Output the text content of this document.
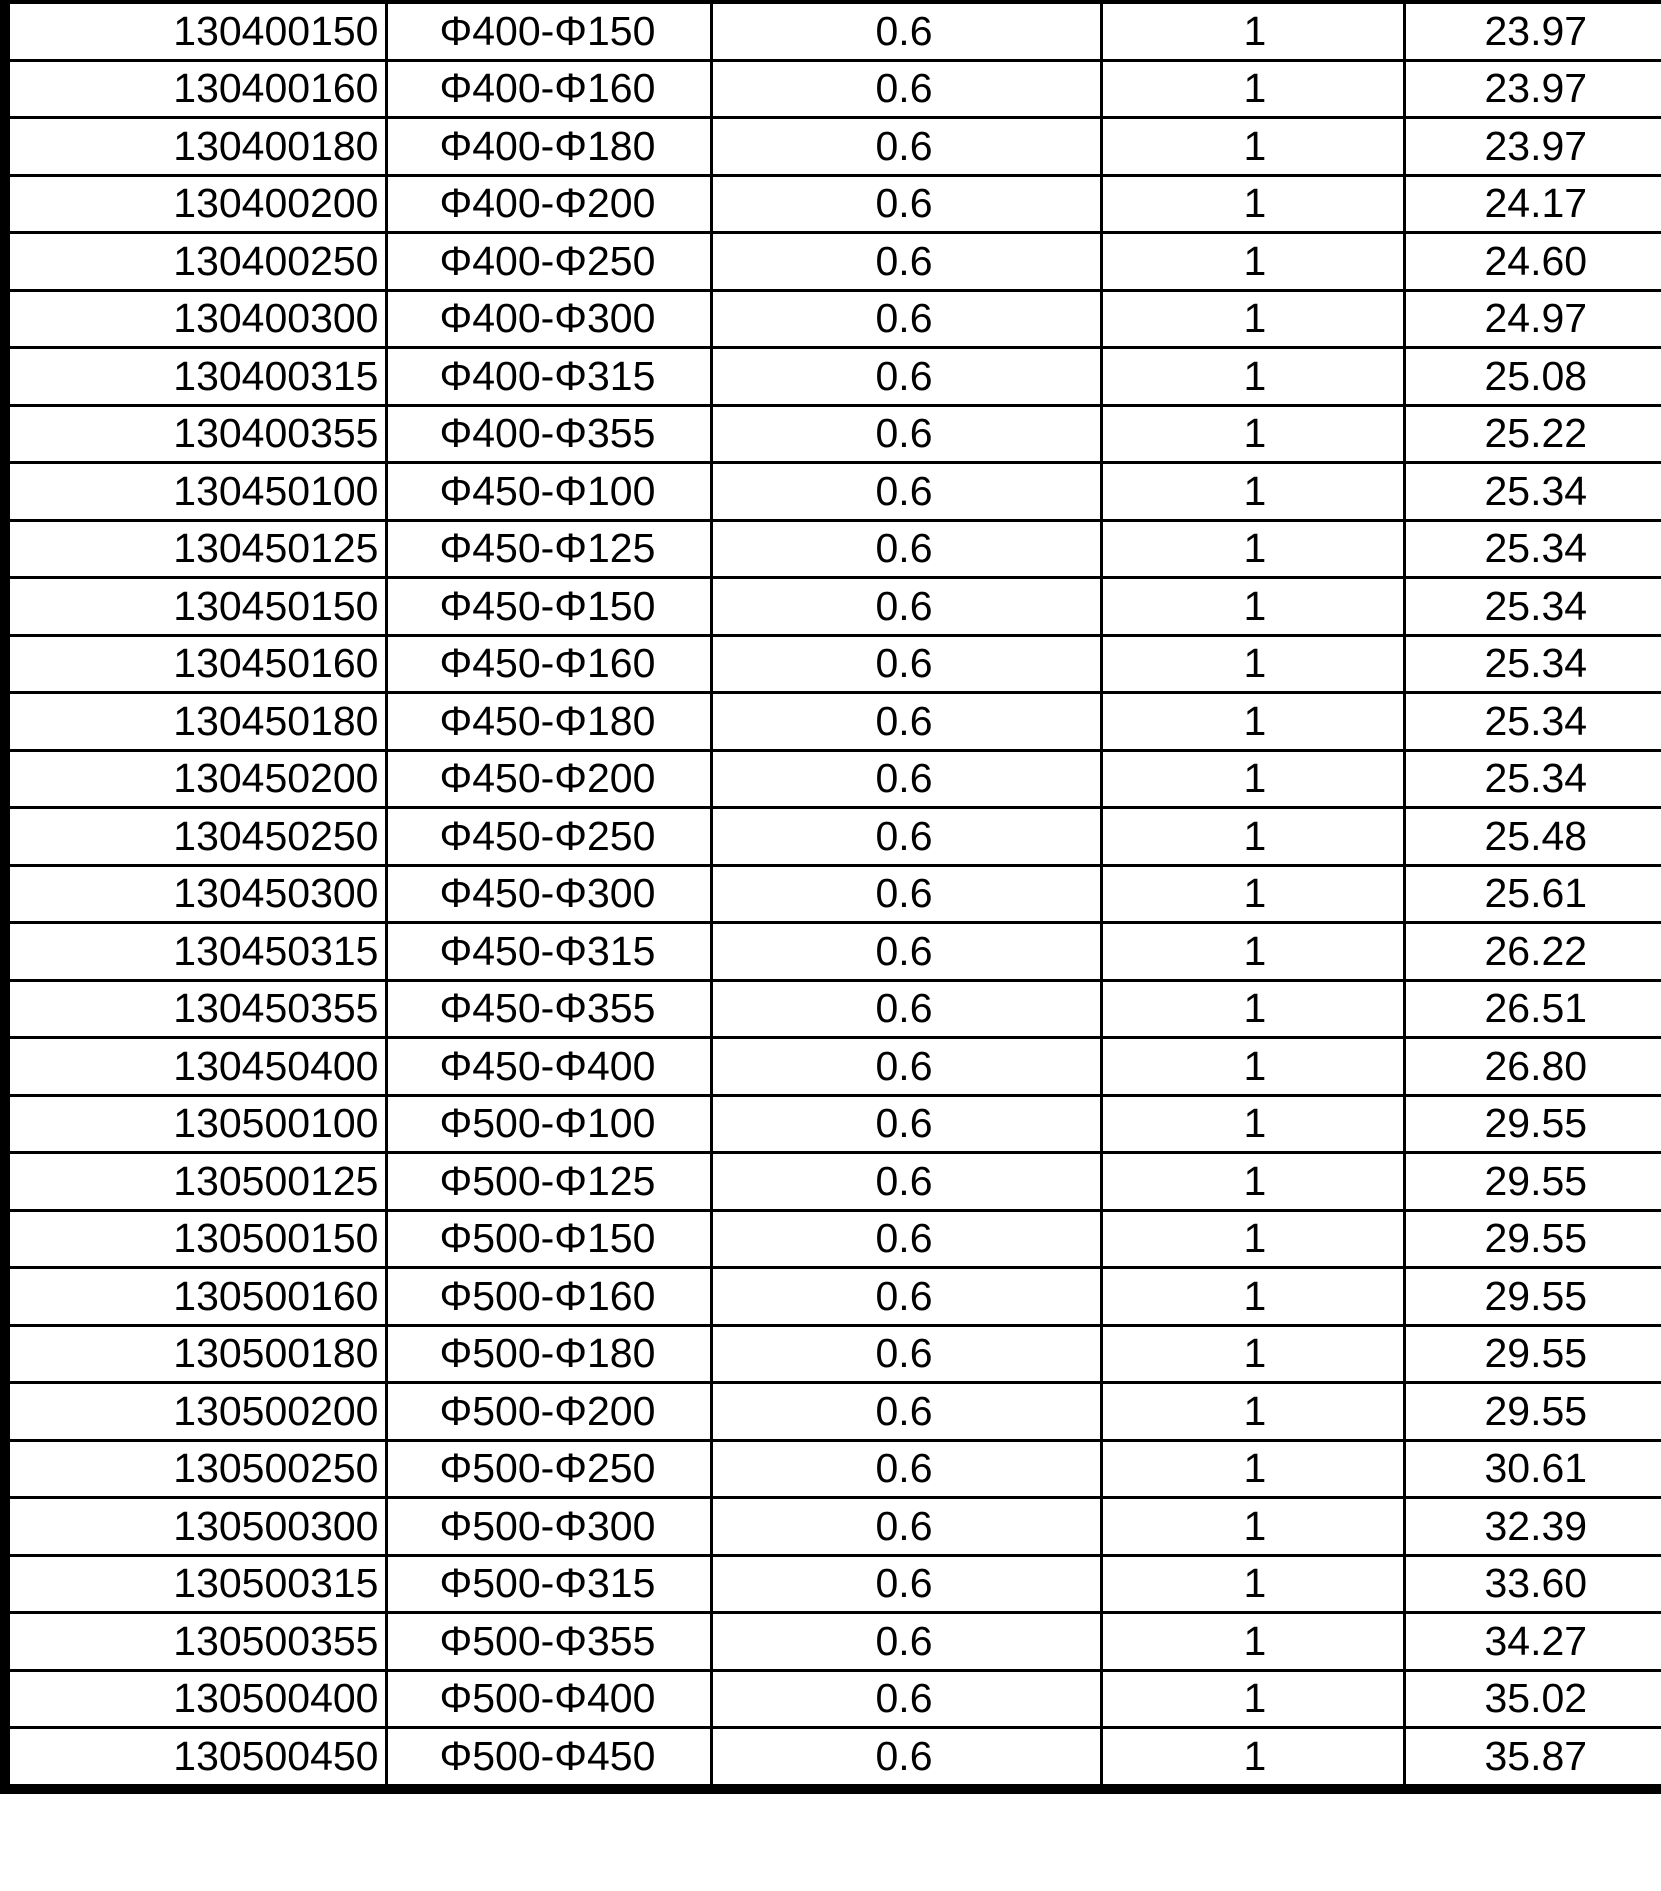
130400150	Φ400-Φ150	0.6	1	23.97
130400160	Φ400-Φ160	0.6	1	23.97
130400180	Φ400-Φ180	0.6	1	23.97
130400200	Φ400-Φ200	0.6	1	24.17
130400250	Φ400-Φ250	0.6	1	24.60
130400300	Φ400-Φ300	0.6	1	24.97
130400315	Φ400-Φ315	0.6	1	25.08
130400355	Φ400-Φ355	0.6	1	25.22
130450100	Φ450-Φ100	0.6	1	25.34
130450125	Φ450-Φ125	0.6	1	25.34
130450150	Φ450-Φ150	0.6	1	25.34
130450160	Φ450-Φ160	0.6	1	25.34
130450180	Φ450-Φ180	0.6	1	25.34
130450200	Φ450-Φ200	0.6	1	25.34
130450250	Φ450-Φ250	0.6	1	25.48
130450300	Φ450-Φ300	0.6	1	25.61
130450315	Φ450-Φ315	0.6	1	26.22
130450355	Φ450-Φ355	0.6	1	26.51
130450400	Φ450-Φ400	0.6	1	26.80
130500100	Φ500-Φ100	0.6	1	29.55
130500125	Φ500-Φ125	0.6	1	29.55
130500150	Φ500-Φ150	0.6	1	29.55
130500160	Φ500-Φ160	0.6	1	29.55
130500180	Φ500-Φ180	0.6	1	29.55
130500200	Φ500-Φ200	0.6	1	29.55
130500250	Φ500-Φ250	0.6	1	30.61
130500300	Φ500-Φ300	0.6	1	32.39
130500315	Φ500-Φ315	0.6	1	33.60
130500355	Φ500-Φ355	0.6	1	34.27
130500400	Φ500-Φ400	0.6	1	35.02
130500450	Φ500-Φ450	0.6	1	35.87
